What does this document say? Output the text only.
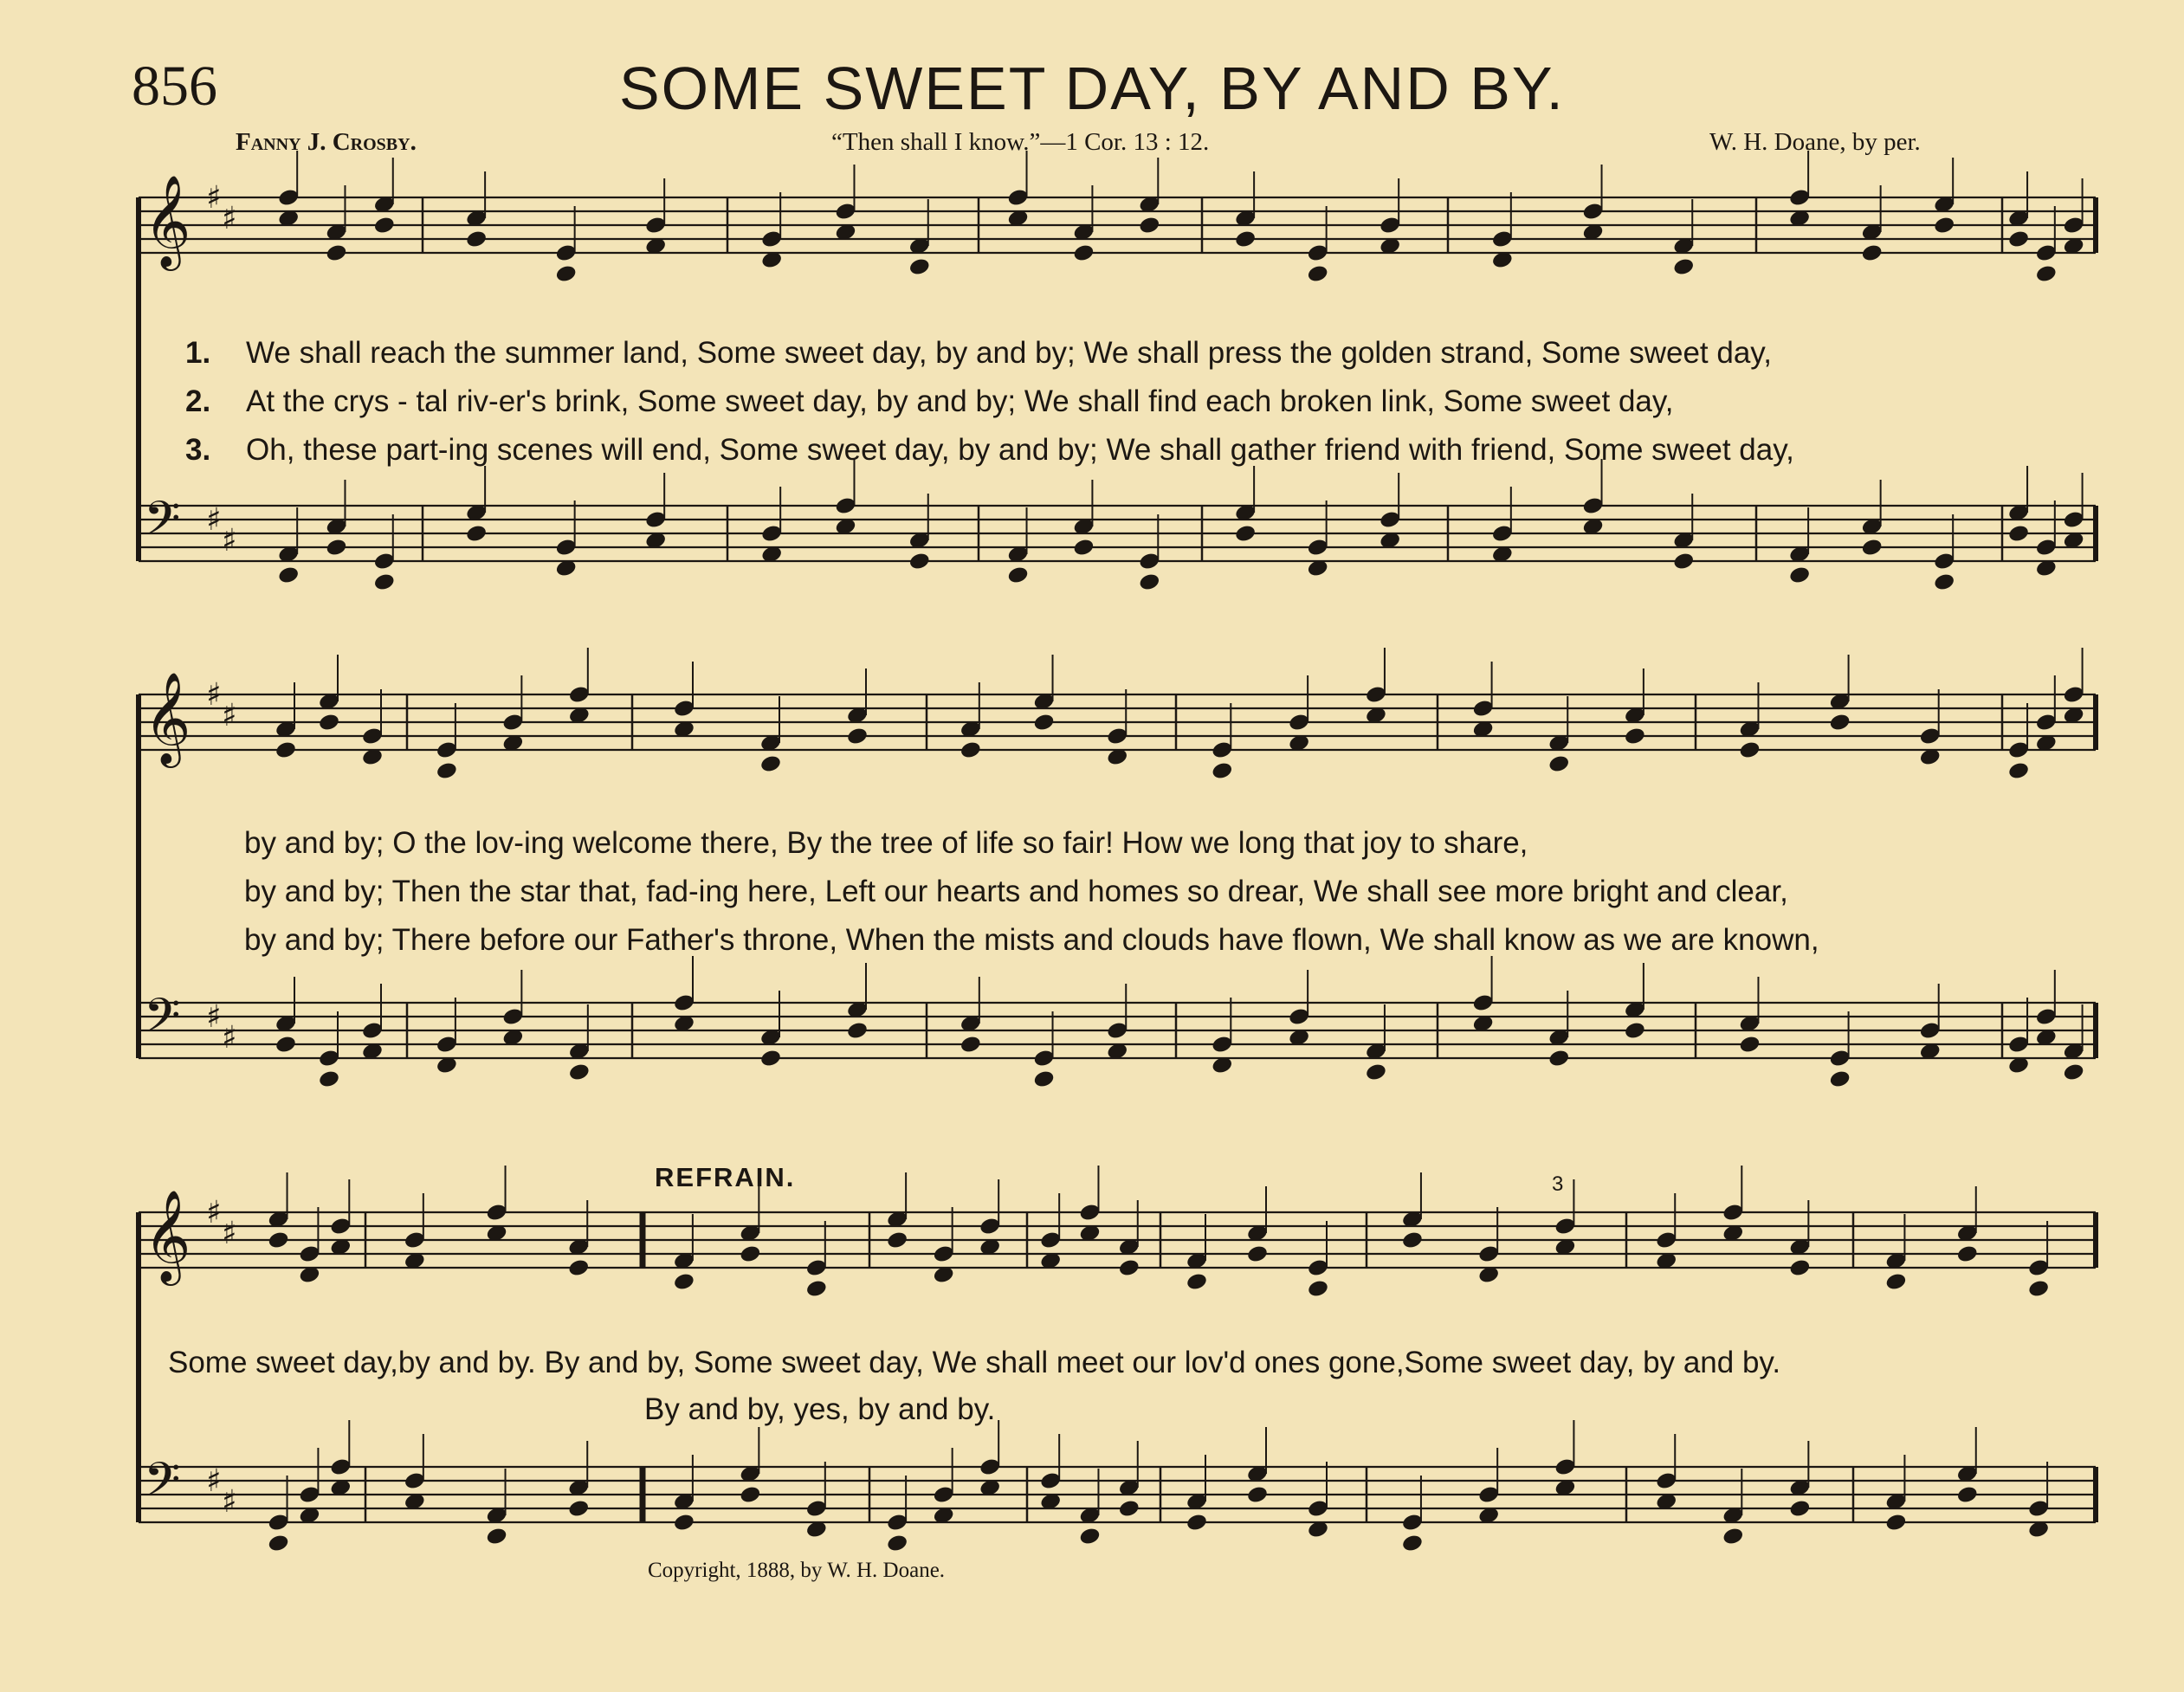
856	SOME SWEET DAY, BY AND BY.
Fanny J. Crosby.	“Then shall I know.”—1 Cor. 13 : 12.	W. H. Doane, by per.
𝄞 ♯
♯
𝄢 ♯
♯
𝄞 ♯
♯
𝄢 ♯
♯
𝄞 ♯
♯
𝄢 ♯
♯
1. We shall reach the summer land, Some sweet day, by and by; We shall press the golden strand, Some sweet day,
2. At the crys - tal riv-er's brink, Some sweet day, by and by; We shall find each broken link, Some sweet day,
3. Oh, these part-ing scenes will end, Some sweet day, by and by; We shall gather friend with friend, Some sweet day,
by and by; O the lov-ing welcome there, By the tree of life so fair! How we long that joy to share,
by and by; Then the star that, fad-ing here, Left our hearts and homes so drear, We shall see more bright and clear,
by and by; There before our Father's throne, When the mists and clouds have flown, We shall know as we are known,
REFRAIN.
Some sweet day,by and by. By and by, Some sweet day, We shall meet our lov'd ones gone,Some sweet day, by and by.
By and by, yes, by and by.
3
Copyright, 1888, by W. H. Doane.
